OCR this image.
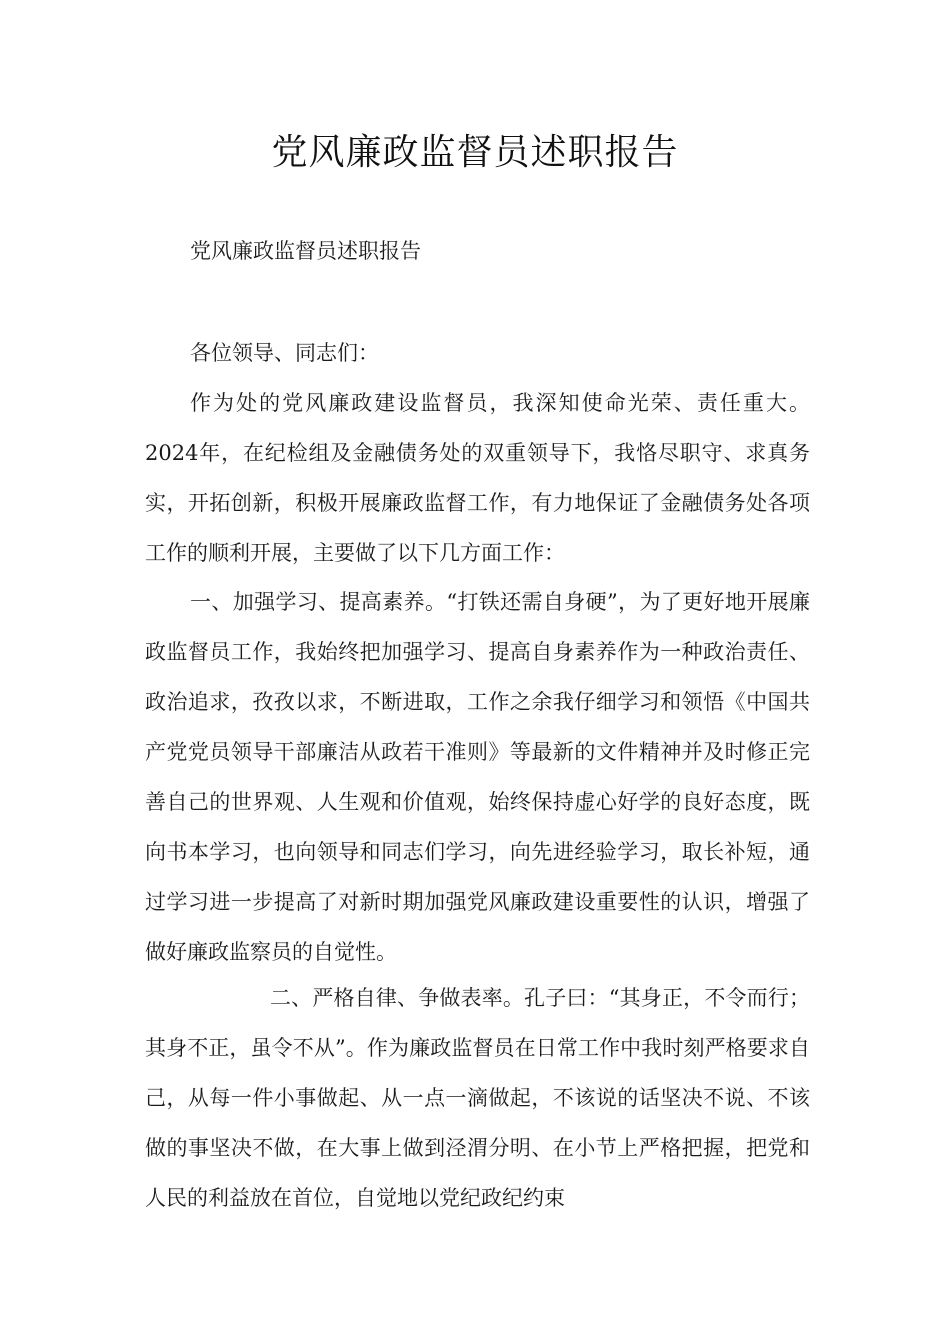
党风廉政监督员述职报告

党风廉政监督员述职报告

各位领导、同志们：

作为处的党风廉政建设监督员，我深知使命光荣、责任重大。2024年，在纪检组及金融债务处的双重领导下，我恪尽职守、求真务实，开拓创新，积极开展廉政监督工作，有力地保证了金融债务处各项工作的顺利开展，主要做了以下几方面工作：

一、加强学习、提高素养。“打铁还需自身硬”，为了更好地开展廉政监督员工作，我始终把加强学习、提高自身素养作为一种政治责任、政治追求，孜孜以求，不断进取，工作之余我仔细学习和领悟《中国共产党党员领导干部廉洁从政若干准则》等最新的文件精神并及时修正完善自己的世界观、人生观和价值观，始终保持虚心好学的良好态度，既向书本学习，也向领导和同志们学习，向先进经验学习，取长补短，通过学习进一步提高了对新时期加强党风廉政建设重要性的认识，增强了做好廉政监察员的自觉性。

二、严格自律、争做表率。孔子曰：“其身正，不令而行；其身不正，虽令不从”。作为廉政监督员在日常工作中我时刻严格要求自己，从每一件小事做起、从一点一滴做起，不该说的话坚决不说、不该做的事坚决不做，在大事上做到泾渭分明、在小节上严格把握，把党和人民的利益放在首位，自觉地以党纪政纪约束
